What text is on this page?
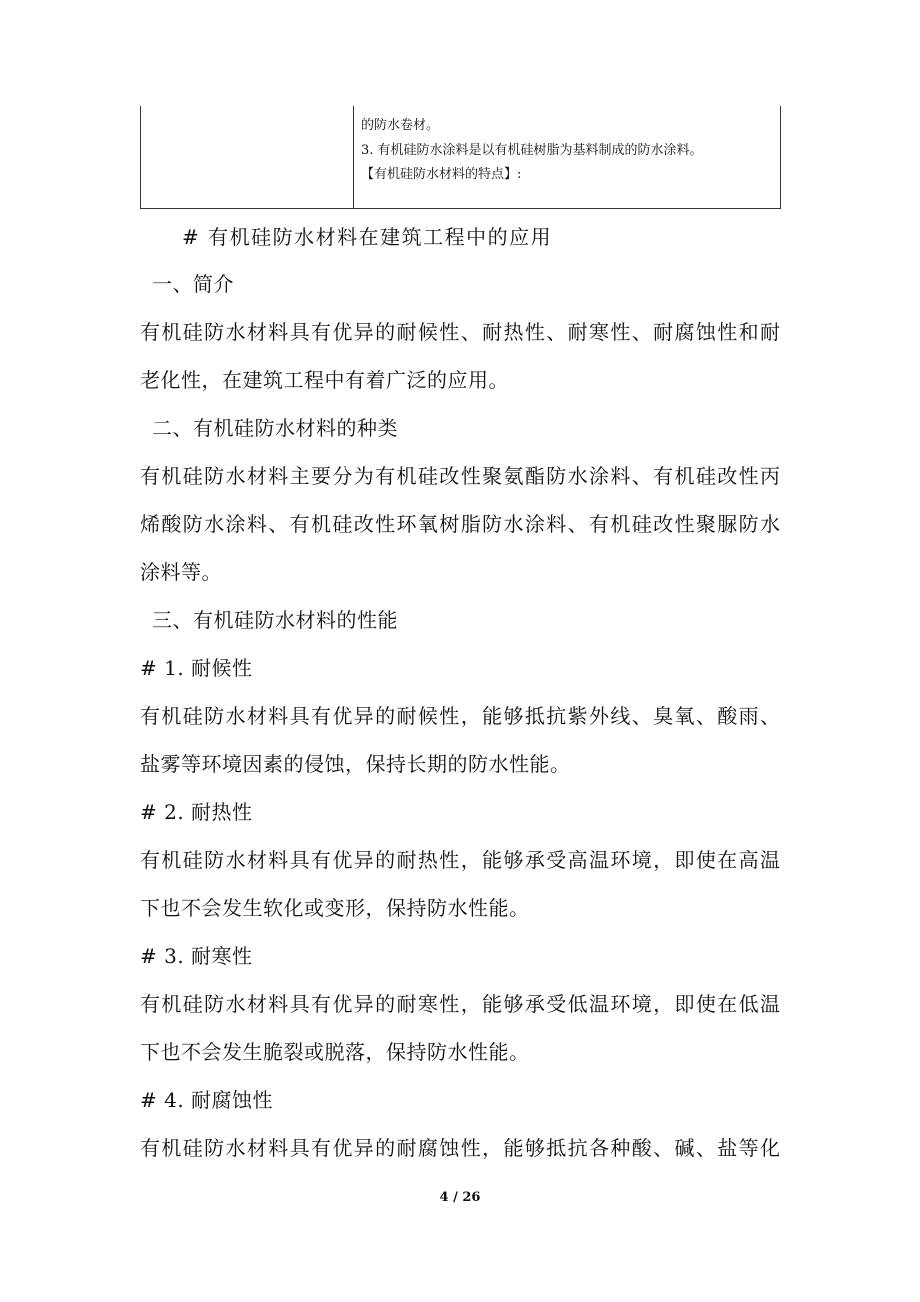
的防水卷材。
3. 有机硅防水涂料是以有机硅树脂为基料制成的防水涂料。
【有机硅防水材料的特点】:
# 有机硅防水材料在建筑工程中的应用
一、简介
有机硅防水材料具有优异的耐候性、耐热性、耐寒性、耐腐蚀性和耐
老化性，在建筑工程中有着广泛的应用。
二、有机硅防水材料的种类
有机硅防水材料主要分为有机硅改性聚氨酯防水涂料、有机硅改性丙
烯酸防水涂料、有机硅改性环氧树脂防水涂料、有机硅改性聚脲防水
涂料等。
三、有机硅防水材料的性能
# 1. 耐候性
有机硅防水材料具有优异的耐候性，能够抵抗紫外线、臭氧、酸雨、
盐雾等环境因素的侵蚀，保持长期的防水性能。
# 2. 耐热性
有机硅防水材料具有优异的耐热性，能够承受高温环境，即使在高温
下也不会发生软化或变形，保持防水性能。
# 3. 耐寒性
有机硅防水材料具有优异的耐寒性，能够承受低温环境，即使在低温
下也不会发生脆裂或脱落，保持防水性能。
# 4. 耐腐蚀性
有机硅防水材料具有优异的耐腐蚀性，能够抵抗各种酸、碱、盐等化
4 / 26
